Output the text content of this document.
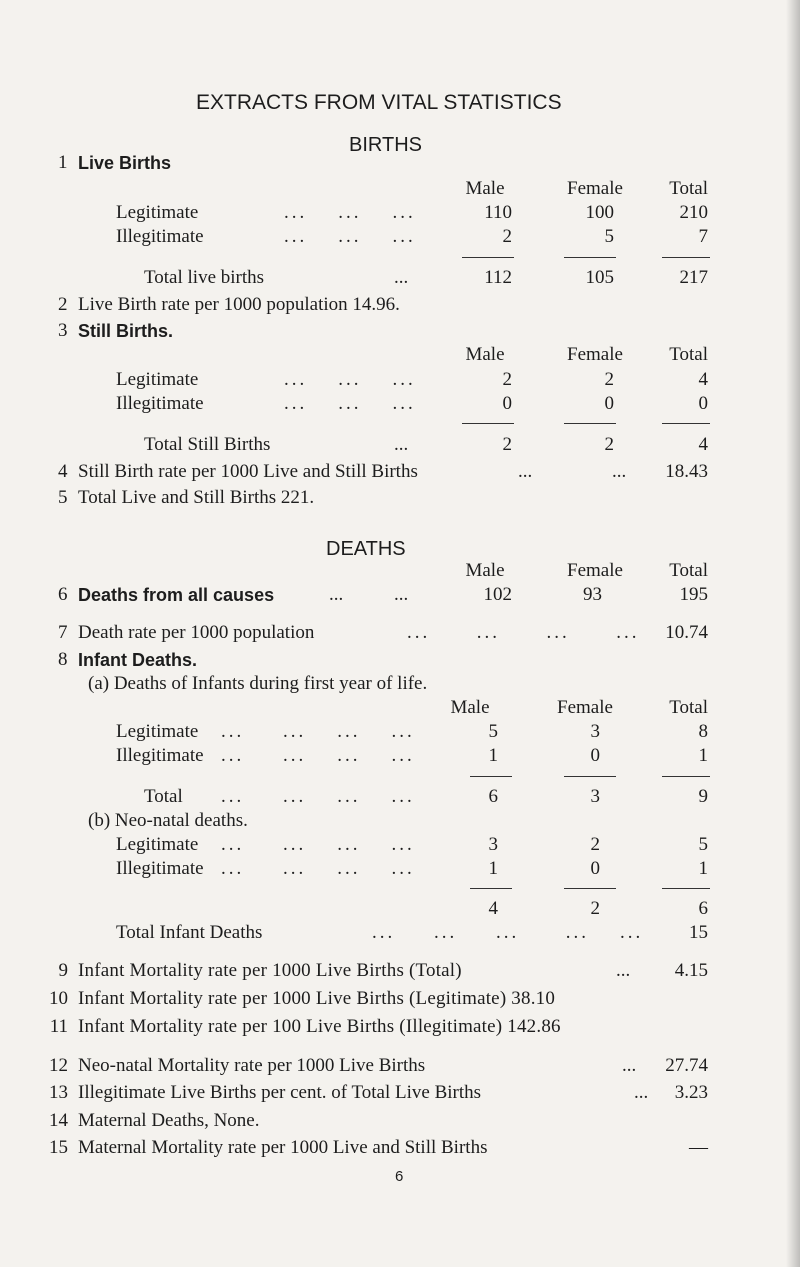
EXTRACTS FROM VITAL STATISTICS
BIRTHS
1 Live Births
Male	Female	Total
Legitimate	...    ...    ...	110	100	210
Illegitimate	...    ...    ...	2	5	7
Total live births	...	112	105	217
2 Live Birth rate per 1000 population 14.96.
3 Still Births.
Male	Female	Total
Legitimate	...    ...    ...	2	2	4
Illegitimate	...    ...    ...	0	0	0
Total Still Births	...	2	2	4
4 Still Birth rate per 1000 Live and Still Births	...	...	18.43
5 Total Live and Still Births 221.
DEATHS
Male	Female	Total
6 Deaths from all causes	...	...	102	93	195
7 Death rate per 1000 population	...      ...      ...      ...	10.74
8 Infant Deaths.
(a) Deaths of Infants during first year of life.
Male	Female	Total
Legitimate ...     ...    ...    ...	5	3	8
Illegitimate ...     ...    ...    ...	1	0	1
Total ...     ...    ...    ...	6	3	9
(b) Neo-natal deaths.
Legitimate ...     ...    ...    ...	3	2	5
Illegitimate ...     ...    ...    ...	1	0	1
4	2	6
Total Infant Deaths	...     ...     ...      ...    ...	15
9 Infant Mortality rate per 1000 Live Births (Total)	...	4.15
10 Infant Mortality rate per 1000 Live Births (Legitimate) 38.10
11 Infant Mortality rate per 100 Live Births (Illegitimate) 142.86
12 Neo-natal Mortality rate per 1000 Live Births	...	27.74
13 Illegitimate Live Births per cent. of Total Live Births	...	3.23
14 Maternal Deaths, None.
15 Maternal Mortality rate per 1000 Live and Still Births	—
6
